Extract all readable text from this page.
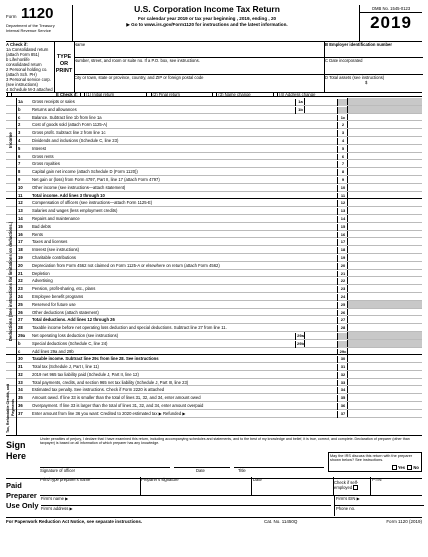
Form 1120
Department of the Treasury
Internal Revenue Service
U.S. Corporation Income Tax Return
For calendar year 2019 or tax year beginning , 2019, ending , 20
▶ Go to www.irs.gov/Form1120 for instructions and the latest information.
OMB No. 1545-0123
2019
A Check if:
1a Consolidated return (attach Form 851)
b Life/nonlife consolidated return
2 Personal holding co. (attach Sch. PH)
3 Personal service corp. (see instructions)
4 Schedule M-3 attached
TYPE OR PRINT
Name
Number, street, and room or suite no. If a P.O. box, see instructions.
City or town, state or province, country, and ZIP or foreign postal code
B Employer identification number
C Date incorporated
D Total assets (see instructions)
$
E Check if: (1) Initial return	(2) Final return	(3) Name change	(4) Address change
1a	Gross receipts or sales	1a
b	Returns and allowances	1b
c	Balance. Subtract line 1b from line 1a	1c
2	Cost of goods sold (attach Form 1125-A)	2
3	Gross profit. Subtract line 2 from line 1c	3
4	Dividends and inclusions (Schedule C, line 23)	4
5	Interest	5
6	Gross rents	6
7	Gross royalties	7
8	Capital gain net income (attach Schedule D (Form 1120))	8
9	Net gain or (loss) from Form 4797, Part II, line 17 (attach Form 4797)	9
10	Other income (see instructions—attach statement)	10
11	Total income. Add lines 3 through 10	11
12	Compensation of officers (see instructions—attach Form 1125-E)	12
13	Salaries and wages (less employment credits)	13
14	Repairs and maintenance	14
15	Bad debts	15
16	Rents	16
17	Taxes and licenses	17
18	Interest (see instructions)	18
19	Charitable contributions	19
20	Depreciation from Form 4562 not claimed on Form 1125-A or elsewhere on return (attach Form 4562)	20
21	Depletion	21
22	Advertising	22
23	Pension, profit-sharing, etc., plans	23
24	Employee benefit programs	24
25	Reserved for future use	25
26	Other deductions (attach statement)	26
27	Total deductions. Add lines 12 through 26	27
28	Taxable income before net operating loss deduction and special deductions. Subtract line 27 from line 11.	28
29a	Net operating loss deduction (see instructions)	29a
b	Special deductions (Schedule C, line 24)	29b
c	Add lines 29a and 29b	29c
30	Taxable income. Subtract line 29c from line 28. See instructions	30
31	Total tax (Schedule J, Part I, line 11)	31
32	2019 net 965 tax liability paid (Schedule J, Part II, line 12)	32
33	Total payments, credits, and section 965 net tax liability (Schedule J, Part III, line 23)	33
34	Estimated tax penalty. See instructions. Check if Form 2220 is attached	34
35	Amount owed. If line 33 is smaller than the total of lines 31, 32, and 34, enter amount owed	35
36	Overpayment. If line 33 is larger than the total of lines 31, 32, and 34, enter amount overpaid	36
37	Enter amount from line 36 you want: Credited to 2020 estimated tax ▶ Refunded ▶	37
Income
Deductions (See instructions for limitations on deductions.)
Tax, Refundable Credits, and Payments
Sign
Here
Under penalties of perjury, I declare that I have examined this return, including accompanying schedules and statements, and to the best of my knowledge and belief, it is true, correct, and complete. Declaration of preparer (other than taxpayer) is based on all information of which preparer has any knowledge.
Signature of officer	Date	Title
May the IRS discuss this return with the preparer shown below? See instructions.
Yes No
Paid
Preparer
Use Only
Print/Type preparer's name	Preparer's signature	Date
Check if self-employed
PTIN
Firm's name ▶	Firm's EIN ▶
Firm's address ▶	Phone no.
For Paperwork Reduction Act Notice, see separate instructions.	Cat. No. 11450Q	Form 1120 (2019)
